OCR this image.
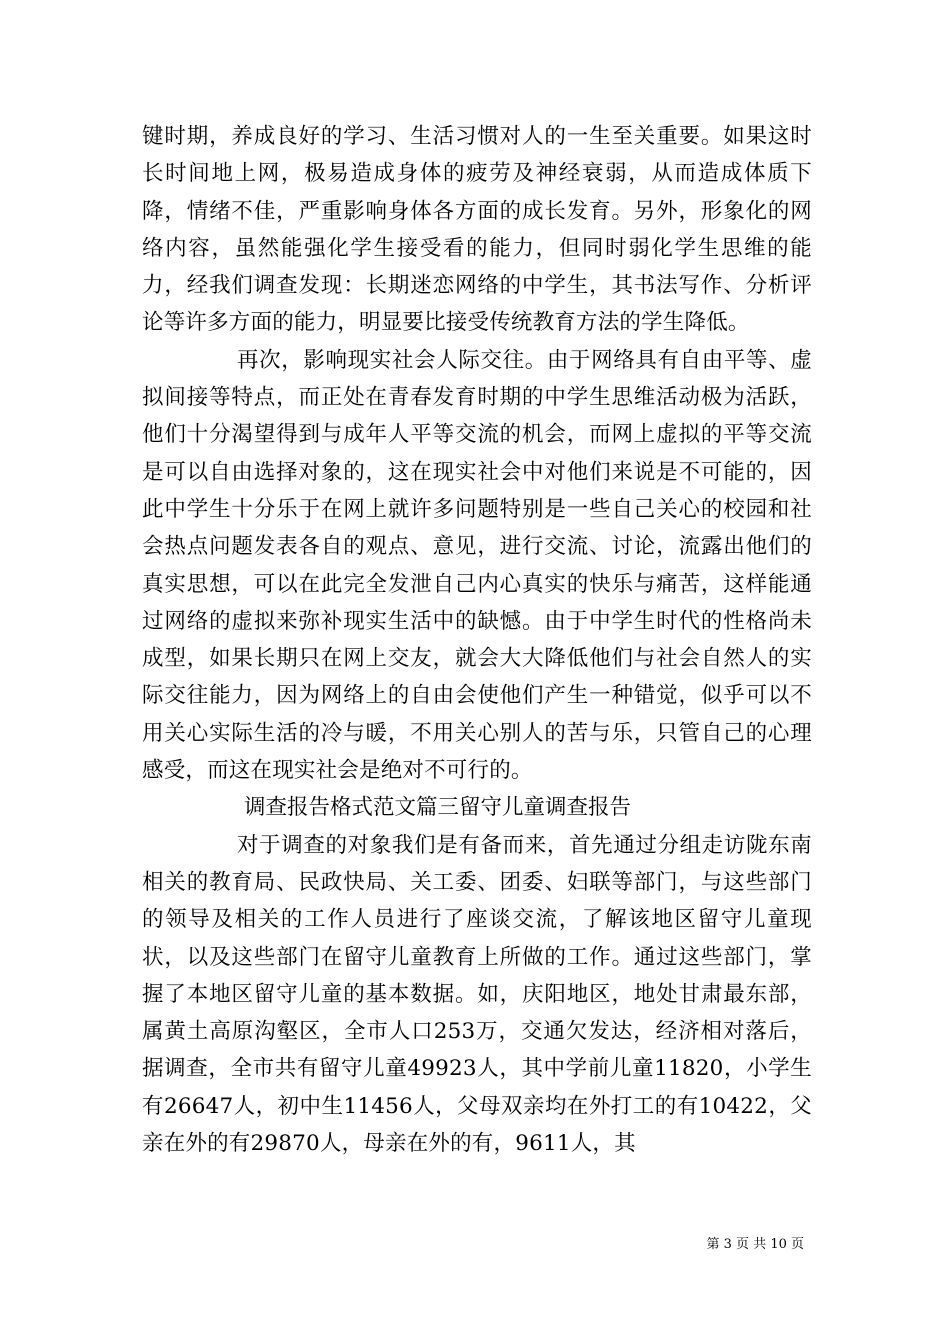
键时期，养成良好的学习、生活习惯对人的一生至关重要。如果这时长时间地上网，极易造成身体的疲劳及神经衰弱，从而造成体质下降，情绪不佳，严重影响身体各方面的成长发育。另外，形象化的网络内容，虽然能强化学生接受看的能力，但同时弱化学生思维的能力，经我们调查发现：长期迷恋网络的中学生，其书法写作、分析评论等许多方面的能力，明显要比接受传统教育方法的学生降低。

再次，影响现实社会人际交往。由于网络具有自由平等、虚拟间接等特点，而正处在青春发育时期的中学生思维活动极为活跃，他们十分渴望得到与成年人平等交流的机会，而网上虚拟的平等交流是可以自由选择对象的，这在现实社会中对他们来说是不可能的，因此中学生十分乐于在网上就许多问题特别是一些自己关心的校园和社会热点问题发表各自的观点、意见，进行交流、讨论，流露出他们的真实思想，可以在此完全发泄自己内心真实的快乐与痛苦，这样能通过网络的虚拟来弥补现实生活中的缺憾。由于中学生时代的性格尚未成型，如果长期只在网上交友，就会大大降低他们与社会自然人的实际交往能力，因为网络上的自由会使他们产生一种错觉，似乎可以不用关心实际生活的冷与暖，不用关心别人的苦与乐，只管自己的心理感受，而这在现实社会是绝对不可行的。

调查报告格式范文篇三留守儿童调查报告

对于调查的对象我们是有备而来，首先通过分组走访陇东南相关的教育局、民政快局、关工委、团委、妇联等部门，与这些部门的领导及相关的工作人员进行了座谈交流，了解该地区留守儿童现状，以及这些部门在留守儿童教育上所做的工作。通过这些部门，掌握了本地区留守儿童的基本数据。如，庆阳地区，地处甘肃最东部，属黄土高原沟壑区，全市人口253万，交通欠发达，经济相对落后，据调查，全市共有留守儿童49923人，其中学前儿童11820，小学生有26647人，初中生11456人，父母双亲均在外打工的有10422，父亲在外的有29870人，母亲在外的有，9611人，其

第 3 页 共 10 页
